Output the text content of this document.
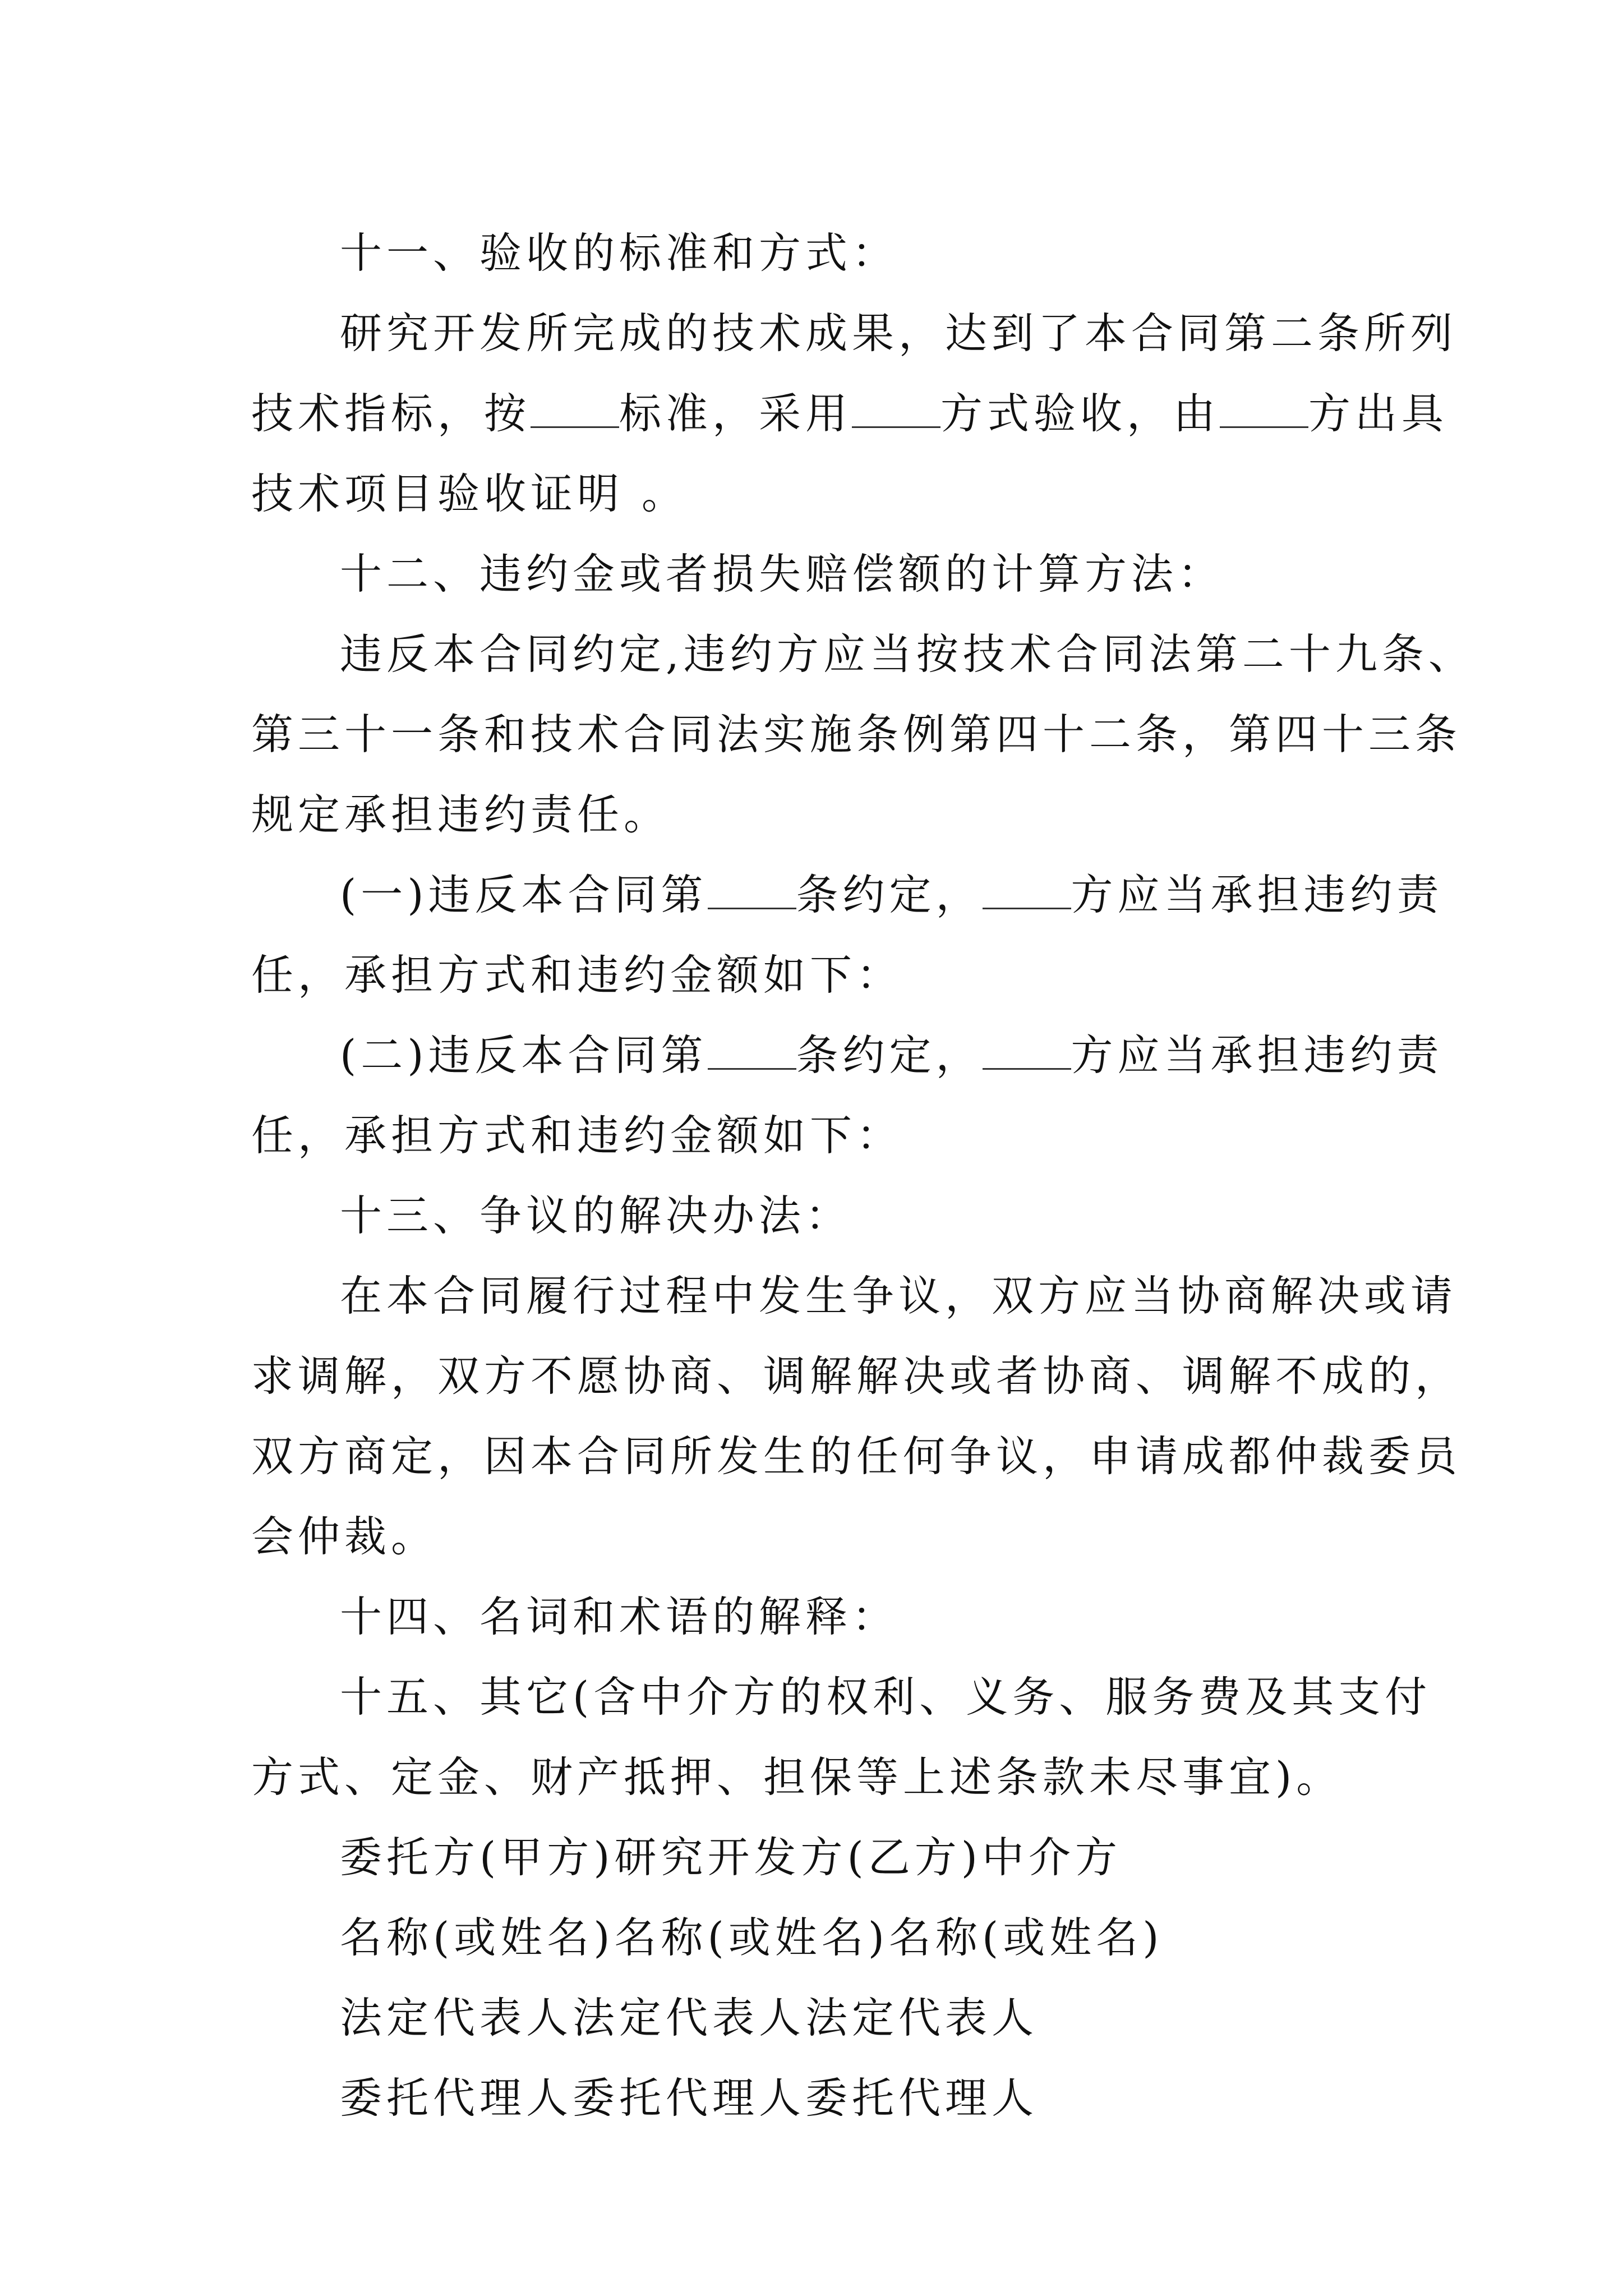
十一、验收的标准和方式：
研究开发所完成的技术成果，达到了本合同第二条所列
技术指标，按 标准，采用 方式验收，由 方出具
技术项目验收证明 。
十二、违约金或者损失赔偿额的计算方法：
违反本合同约定,违约方应当按技术合同法第二十九条、
第三十一条和技术合同法实施条例第四十二条，第四十三条
规定承担违约责任。
(一)违反本合同第 条约定， 方应当承担违约责
任，承担方式和违约金额如下：
(二)违反本合同第 条约定， 方应当承担违约责
任，承担方式和违约金额如下：
十三、争议的解决办法：
在本合同履行过程中发生争议，双方应当协商解决或请
求调解，双方不愿协商、调解解决或者协商、调解不成的，
双方商定，因本合同所发生的任何争议，申请成都仲裁委员
会仲裁。
十四、名词和术语的解释：
十五、其它(含中介方的权利、义务、服务费及其支付
方式、定金、财产抵押、担保等上述条款未尽事宜)。
委托方(甲方)研究开发方(乙方)中介方
名称(或姓名)名称(或姓名)名称(或姓名)
法定代表人法定代表人法定代表人
委托代理人委托代理人委托代理人
